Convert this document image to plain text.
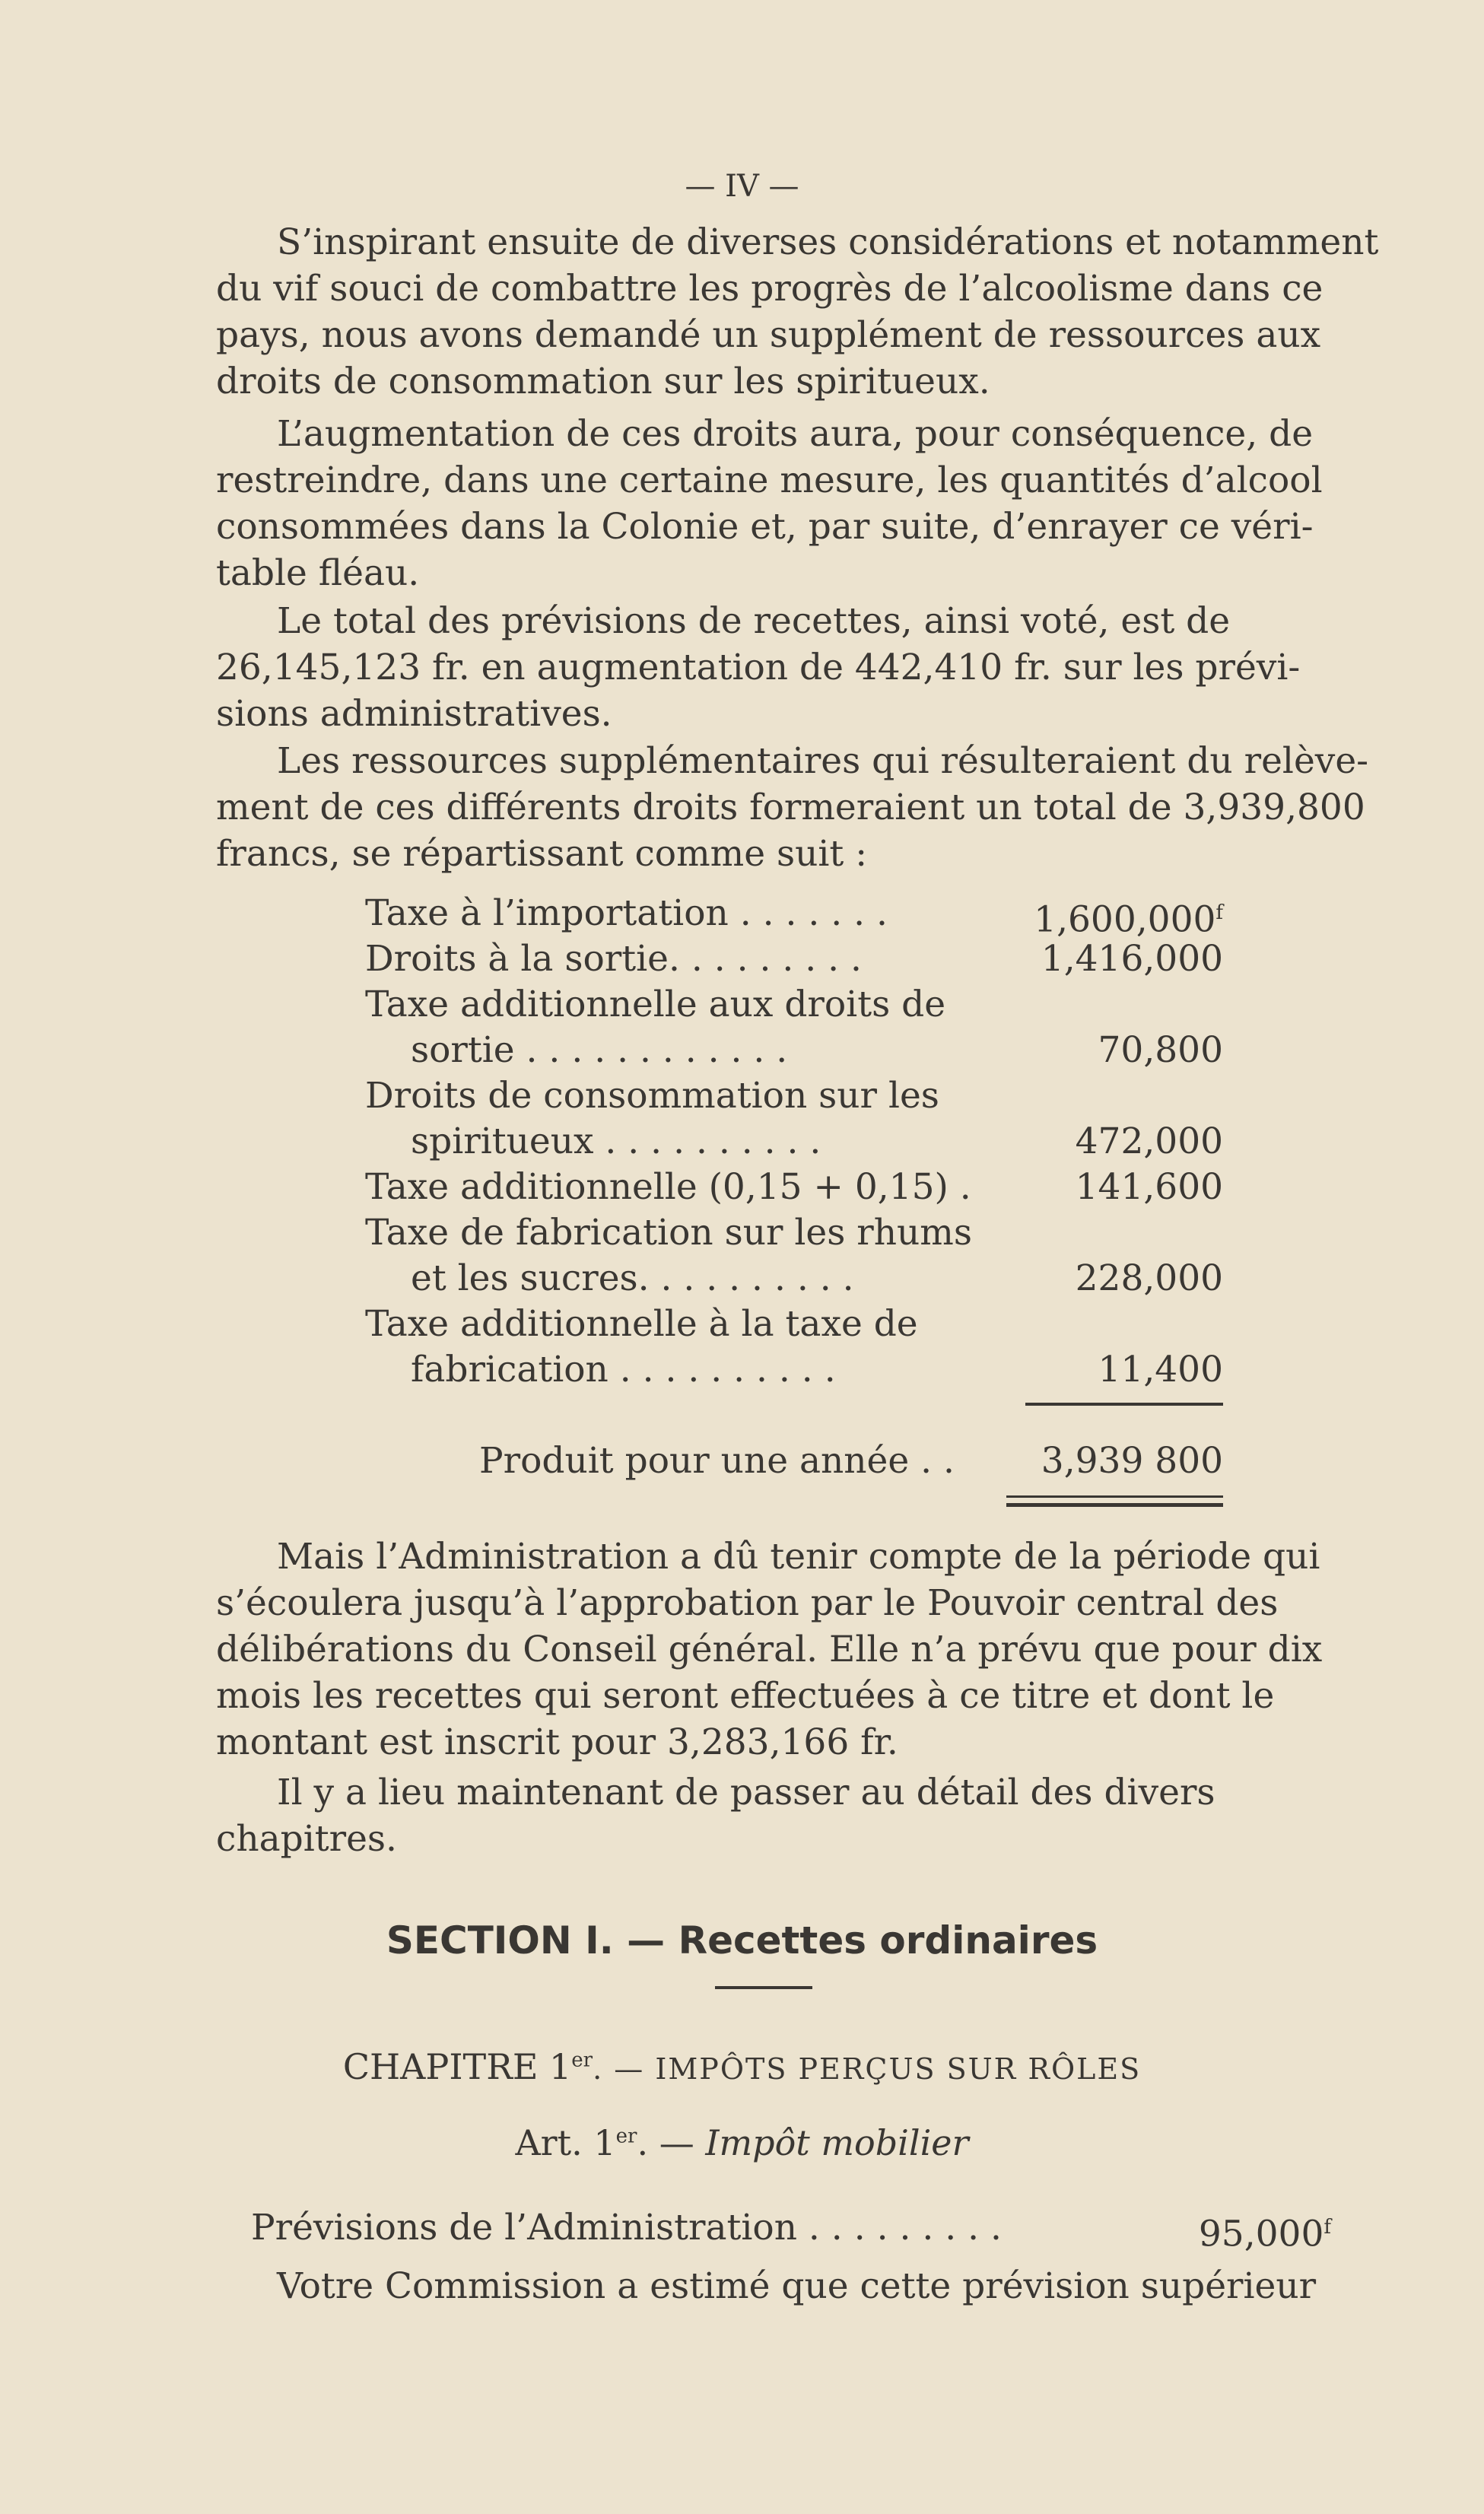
— IV —

S’inspirant ensuite de diverses considérations et notamment

du vif souci de combattre les progrès de l’alcoolisme dans ce

pays, nous avons demandé un supplément de ressources aux

droits de consommation sur les spiritueux.

L’augmentation de ces droits aura, pour conséquence, de

restreindre, dans une certaine mesure, les quantités d’alcool

consommées dans la Colonie et, par suite, d’enrayer ce véri-

table fléau.

Le total des prévisions de recettes, ainsi voté, est de

26,145,123 fr. en augmentation de 442,410 fr. sur les prévi-

sions administratives.

Les ressources supplémentaires qui résulteraient du relève-

ment de ces différents droits formeraient un total de 3,939,800

francs, se répartissant comme suit :

Taxe à l’importation . . . . . . .	1,600,000$^f$
Droits à la sortie. . . . . . . . .	1,416,000
Taxe additionnelle aux droits de
sortie . . . . . . . . . . . .	70,800
Droits de consommation sur les
spiritueux . . . . . . . . . .	472,000
Taxe additionnelle (0,15 + 0,15) .	141,600
Taxe de fabrication sur les rhums
et les sucres. . . . . . . . . .	228,000
Taxe additionnelle à la taxe de
fabrication . . . . . . . . . .	11,400
Produit pour une année . . 3,939 800

Mais l’Administration a dû tenir compte de la période qui

s’écoulera jusqu’à l’approbation par le Pouvoir central des

délibérations du Conseil général. Elle n’a prévu que pour dix

mois les recettes qui seront effectuées à ce titre et dont le

montant est inscrit pour 3,283,166 fr.

Il y a lieu maintenant de passer au détail des divers

chapitres.

SECTION I. — Recettes ordinaires
CHAPITRE 1er. — IMPÔTS PERÇUS SUR RÔLES
Art. 1er. — Impôt mobilier
Prévisions de l’Administration . . . . . . . . .	95,000$^f$

Votre Commission a estimé que cette prévision supérieur
